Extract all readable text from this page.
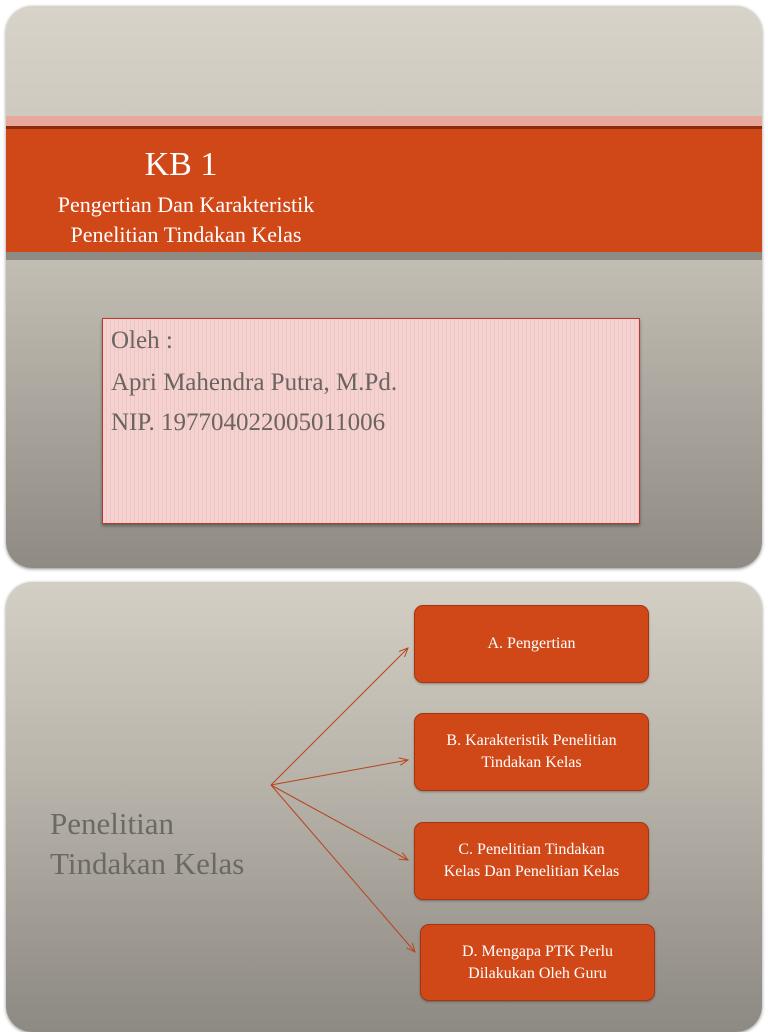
KB 1
Pengertian Dan Karakteristik
Penelitian Tindakan Kelas
Oleh :
Apri Mahendra Putra, M.Pd.
NIP. 197704022005011006
Penelitian
Tindakan Kelas
A. Pengertian
B. Karakteristik Penelitian
Tindakan Kelas
C. Penelitian Tindakan
Kelas Dan Penelitian Kelas
D. Mengapa PTK Perlu
Dilakukan Oleh Guru
